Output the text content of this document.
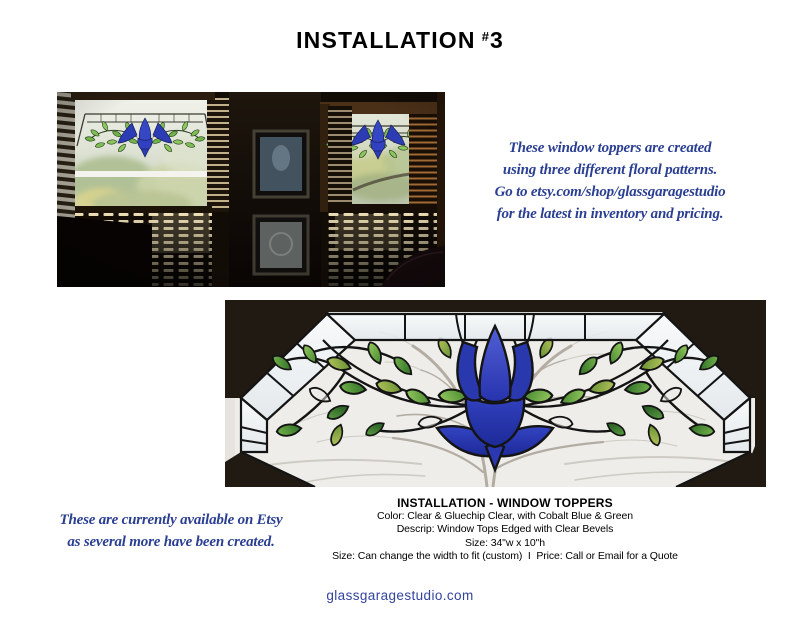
INSTALLATION #3
These window toppers are created
using three different floral patterns.
Go to etsy.com/shop/glassgaragestudio
for the latest in inventory and pricing.
These are currently available on Etsy
as several more have been created.
INSTALLATION - WINDOW TOPPERS
Color: Clear & Gluechip Clear, with Cobalt Blue & Green
Descrip: Window Tops Edged with Clear Bevels
Size: 34"w x 10"h
Size: Can change the width to fit (custom)  I  Price: Call or Email for a Quote
glassgaragestudio.com
